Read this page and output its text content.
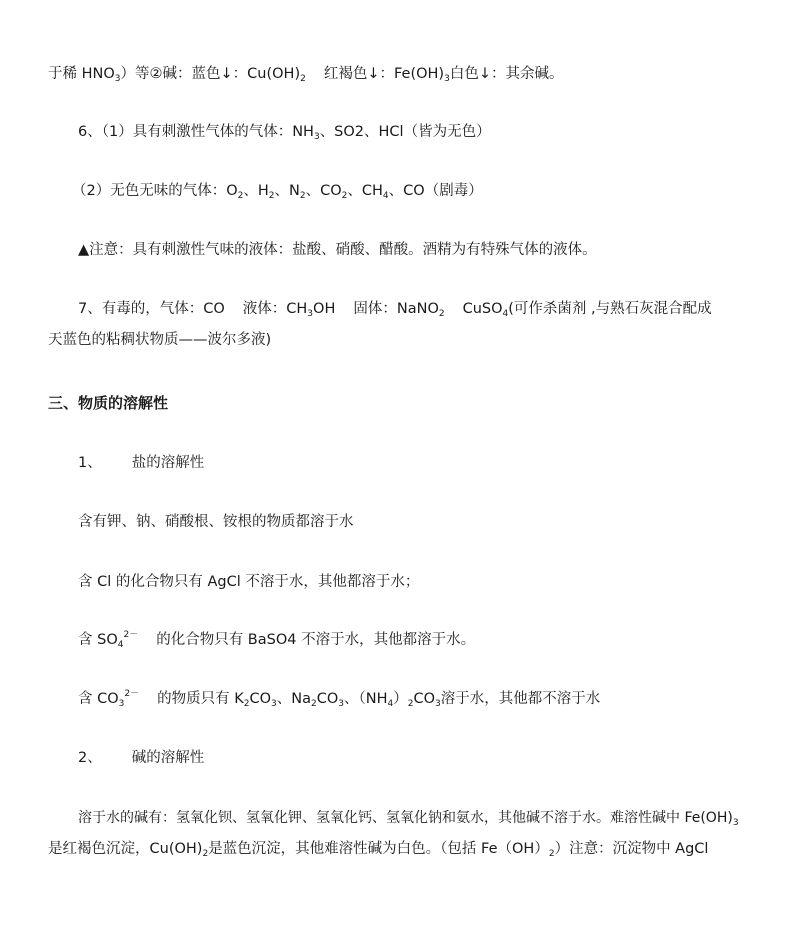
于稀 $HNO_3$）等②碱：蓝色↓：$Cu(OH)_2$ 红褐色↓：$Fe(OH)_3$白色↓：其余碱。
6、（1）具有刺激性气体的气体：$NH_3$、SO2、HCl（皆为无色）
（2）无色无味的气体：$O_2$、$H_2$、$N_2$、$CO_2$、$CH_4$、CO（剧毒）
▲注意：具有刺激性气味的液体：盐酸、硝酸、醋酸。酒精为有特殊气体的液体。
7、有毒的，气体：CO 液体：$CH_3OH$ 固体：NaNO$_2$ CuSO$_4$(可作杀菌剂 ,与熟石灰混合配成
天蓝色的粘稠状物质——波尔多液)
三、物质的溶解性
1、 盐的溶解性
含有钾、钠、硝酸根、铵根的物质都溶于水
含 Cl 的化合物只有 AgCl 不溶于水，其他都溶于水；
含 $SO_4^{2-}$ 的化合物只有 BaSO4 不溶于水，其他都溶于水。
含 $CO_3^{2-}$ 的物质只有 $K_2CO_3$、$Na_2CO_3$、$(NH_4)_2CO_3$溶于水，其他都不溶于水
2、 碱的溶解性
溶于水的碱有：氢氧化钡、氢氧化钾、氢氧化钙、氢氧化钠和氨水，其他碱不溶于水。难溶性碱中 $Fe(OH)_3$
是红褐色沉淀，$Cu(OH)_2$是蓝色沉淀，其他难溶性碱为白色。（包括 $Fe(OH)_2$）注意：沉淀物中 AgCl
